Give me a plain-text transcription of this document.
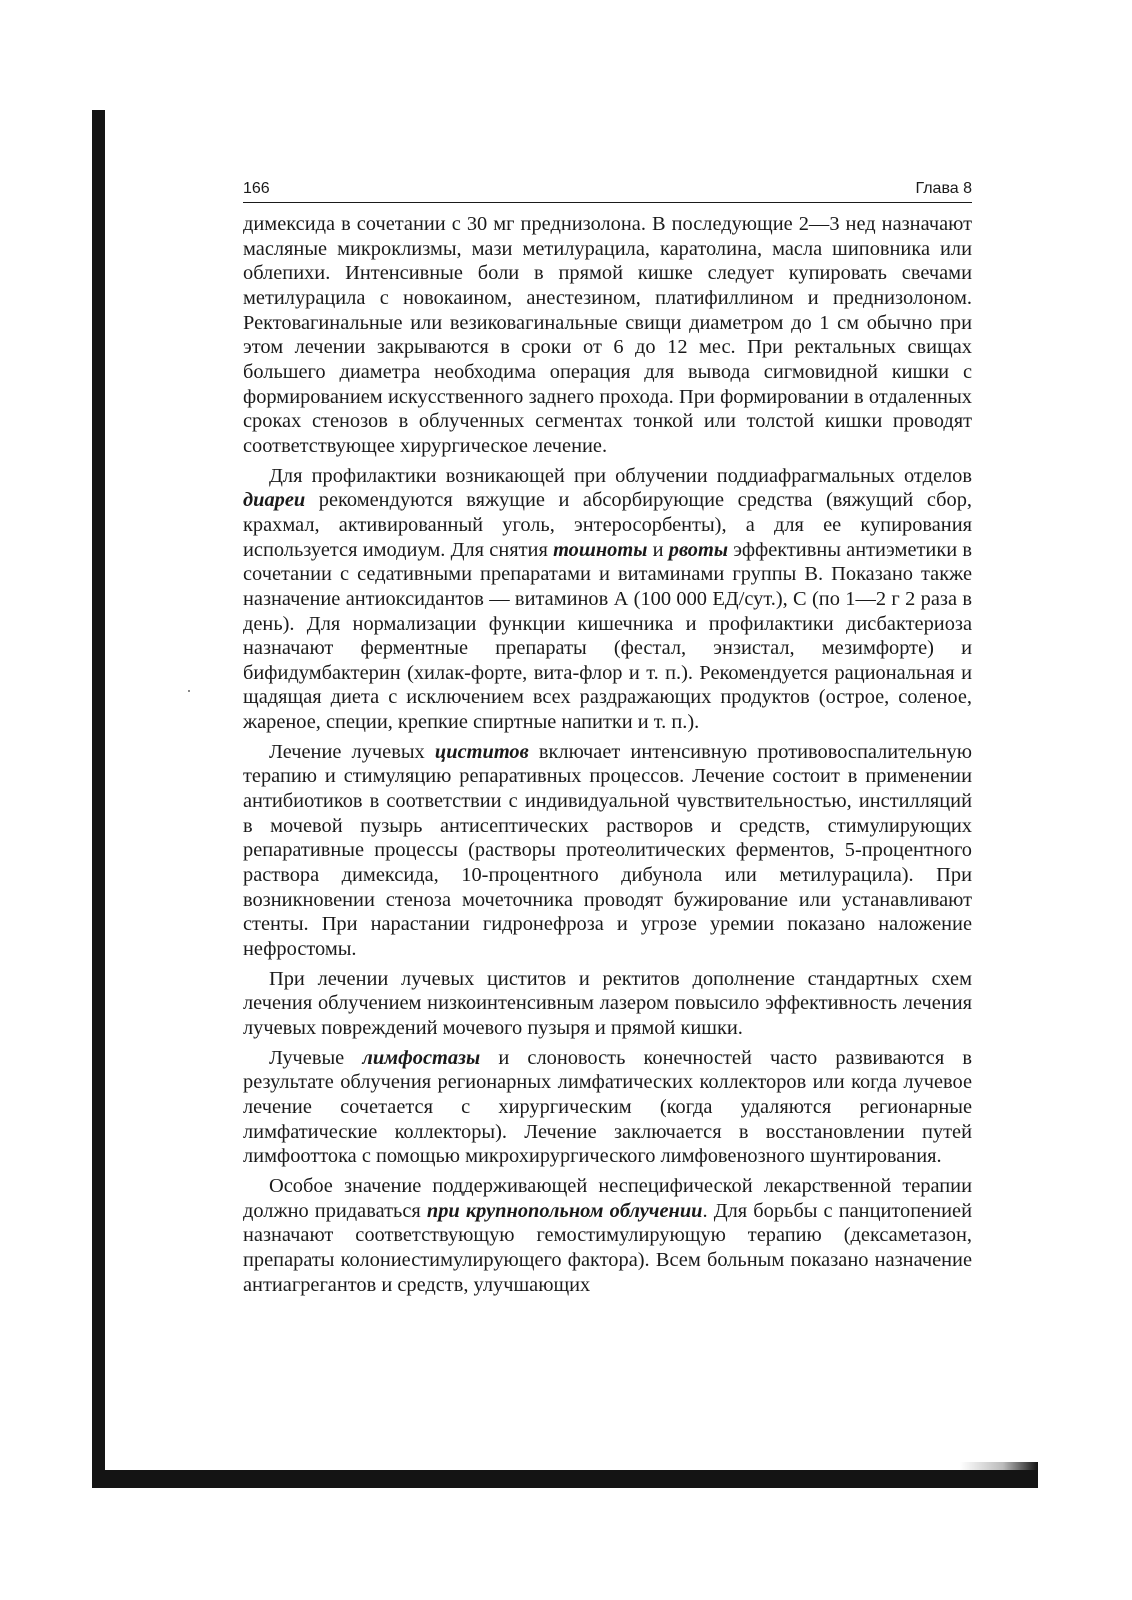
166	Глава 8

димексида в сочетании с 30 мг преднизолона. В последующие 2—3 нед назначают масляные микроклизмы, мази метилурацила, каратолина, масла шиповника или облепихи. Интенсивные боли в прямой кишке следует купировать свечами метилурацила с новокаином, анестезином, платифиллином и преднизолоном. Ректовагинальные или везиковагинальные свищи диаметром до 1 см обычно при этом лечении закрываются в сроки от 6 до 12 мес. При ректальных свищах большего диаметра необходима операция для вывода сигмовидной кишки с формированием искусственного заднего прохода. При формировании в отдаленных сроках стенозов в облученных сегментах тонкой или толстой кишки проводят соответствующее хирургическое лечение.

Для профилактики возникающей при облучении поддиафрагмальных отделов диареи рекомендуются вяжущие и абсорбирующие средства (вяжущий сбор, крахмал, активированный уголь, энтеросорбенты), а для ее купирования используется имодиум. Для снятия тошноты и рвоты эффективны антиэметики в сочетании с седативными препаратами и витаминами группы В. Показано также назначение антиоксидантов — витаминов А (100 000 ЕД/сут.), С (по 1—2 г 2 раза в день). Для нормализации функции кишечника и профилактики дисбактериоза назначают ферментные препараты (фестал, энзистал, мезимфорте) и бифидумбактерин (хилак-форте, вита-флор и т. п.). Рекомендуется рациональная и щадящая диета с исключением всех раздражающих продуктов (острое, соленое, жареное, специи, крепкие спиртные напитки и т. п.).

Лечение лучевых циститов включает интенсивную противовоспалительную терапию и стимуляцию репаративных процессов. Лечение состоит в применении антибиотиков в соответствии с индивидуальной чувствительностью, инстилляций в мочевой пузырь антисептических растворов и средств, стимулирующих репаративные процессы (растворы протеолитических ферментов, 5-процентного раствора димексида, 10-процентного дибунола или метилурацила). При возникновении стеноза мочеточника проводят бужирование или устанавливают стенты. При нарастании гидронефроза и угрозе уремии показано наложение нефростомы.

При лечении лучевых циститов и ректитов дополнение стандартных схем лечения облучением низкоинтенсивным лазером повысило эффективность лечения лучевых повреждений мочевого пузыря и прямой кишки.

Лучевые лимфостазы и слоновость конечностей часто развиваются в результате облучения регионарных лимфатических коллекторов или когда лучевое лечение сочетается с хирургическим (когда удаляются регионарные лимфатические коллекторы). Лечение заключается в восстановлении путей лимфооттока с помощью микрохирургического лимфовенозного шунтирования.

Особое значение поддерживающей неспецифической лекарственной терапии должно придаваться при крупнопольном облучении. Для борьбы с панцитопенией назначают соответствующую гемостимулирующую терапию (дексаметазон, препараты колониестимулирующего фактора). Всем больным показано назначение антиагрегантов и средств, улучшающих
